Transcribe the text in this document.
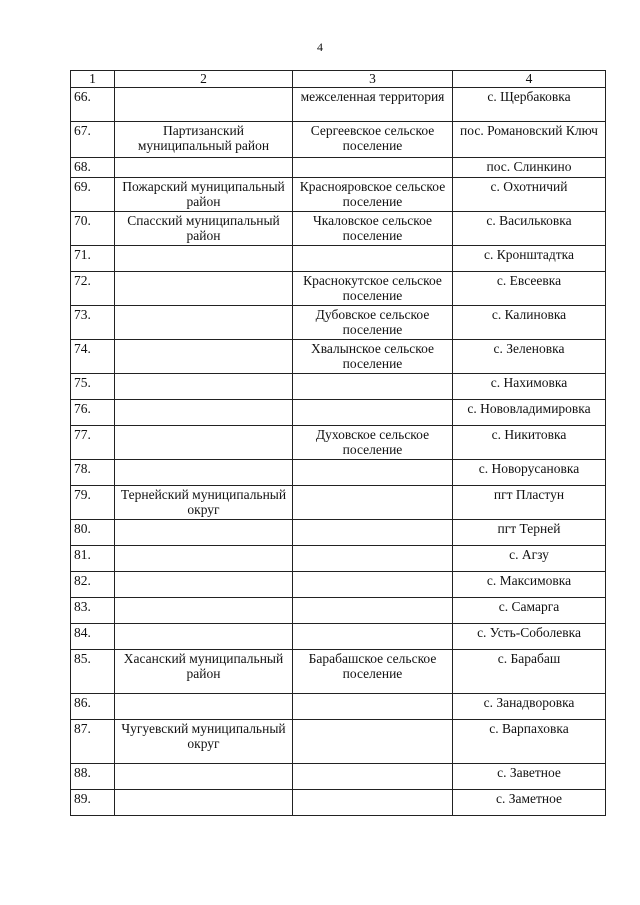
4
1	2	3	4
66.		межселенная территория	с. Щербаковка
67.	Партизанский муниципальный район	Сергеевское сельское поселение	пос. Романовский Ключ
68.			пос. Слинкино
69.	Пожарский муниципальный район	Краснояровское сельское поселение	с. Охотничий
70.	Спасский муниципальный район	Чкаловское сельское поселение	с. Васильковка
71.			с. Кронштадтка
72.		Краснокутское сельское поселение	с. Евсеевка
73.		Дубовское сельское поселение	с. Калиновка
74.		Хвалынское сельское поселение	с. Зеленовка
75.			с. Нахимовка
76.			с. Нововладимировка
77.		Духовское сельское поселение	с. Никитовка
78.			с. Новорусановка
79.	Тернейский муниципальный округ		пгт Пластун
80.			пгт Терней
81.			с. Агзу
82.			с. Максимовка
83.			с. Самарга
84.			с. Усть-Соболевка
85.	Хасанский муниципальный район	Барабашское сельское поселение	с. Барабаш
86.			с. Занадворовка
87.	Чугуевский муниципальный округ		с. Варпаховка
88.			с. Заветное
89.			с. Заметное
